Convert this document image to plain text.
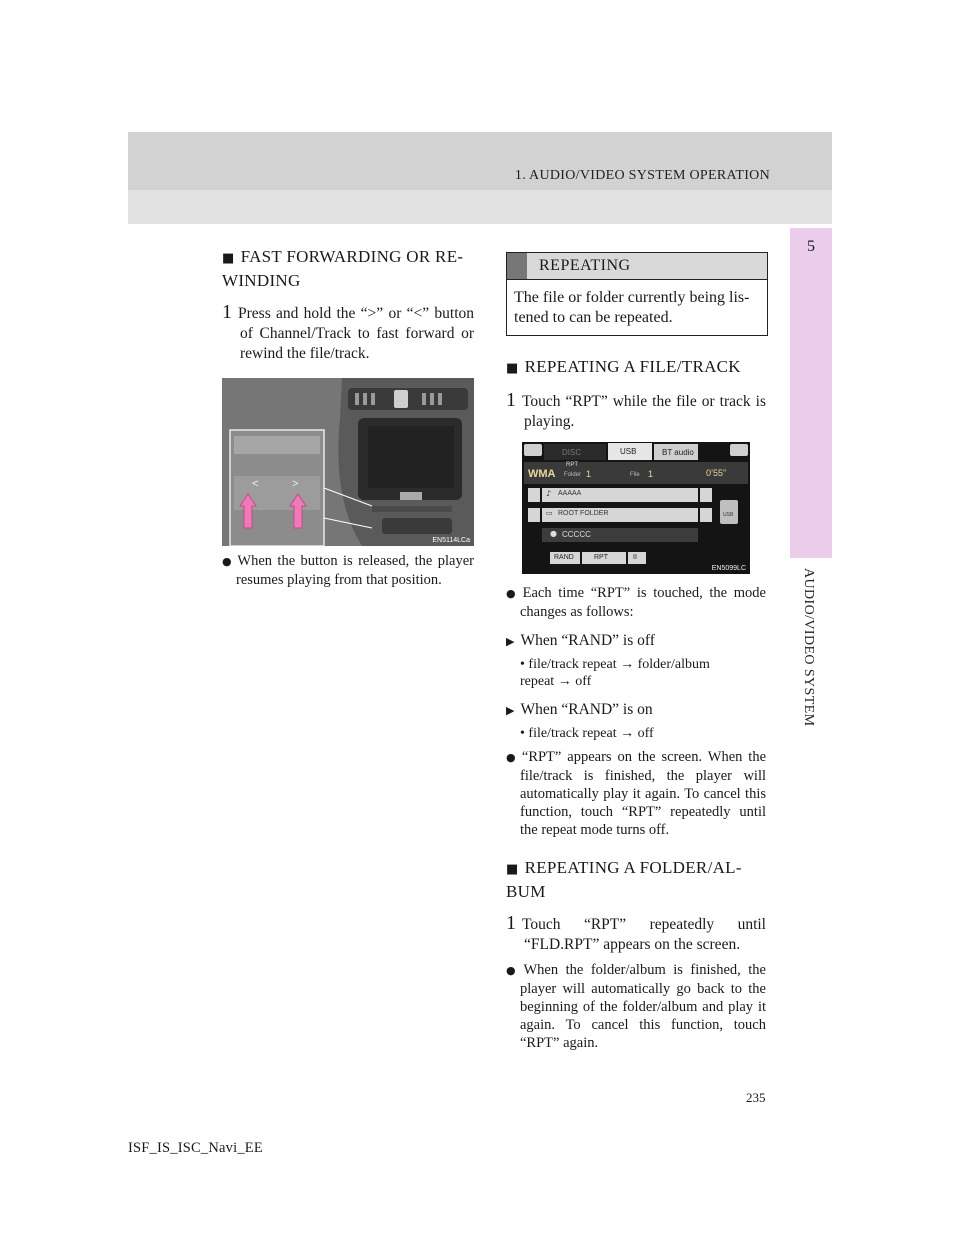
1. AUDIO/VIDEO SYSTEM OPERATION
5
AUDIO/VIDEO SYSTEM
■ FAST FORWARDING OR RE-WINDING
1 Press and hold the “>” or “<” button of Channel/Track to fast forward or rewind the file/track.
<	>
EN5114LCa
● When the button is released, the player resumes playing from that position.
REPEATING
The file or folder currently being lis-tened to can be repeated.
■ REPEATING A FILE/TRACK
1 Touch “RPT” while the file or track is playing.
DISC	USB	BT audio
WMA
RPT
Folder 1	File 1	0’55”
♪ AAAAA
▭ ROOT FOLDER
● CCCCC
USB
RAND	RPT	II
EN5099LC
● Each time “RPT” is touched, the mode changes as follows:
▶ When “RAND” is off
• file/track repeat → folder/album
repeat → off
▶ When “RAND” is on
• file/track repeat → off
● “RPT” appears on the screen. When the file/track is finished, the player will automatically play it again. To cancel this function, touch “RPT” repeatedly until the repeat mode turns off.
■ REPEATING A FOLDER/AL-BUM
1 Touch “RPT” repeatedly until “FLD.RPT” appears on the screen.
● When the folder/album is finished, the player will automatically go back to the beginning of the folder/album and play it again. To cancel this function, touch “RPT” again.
235
ISF_IS_ISC_Navi_EE
